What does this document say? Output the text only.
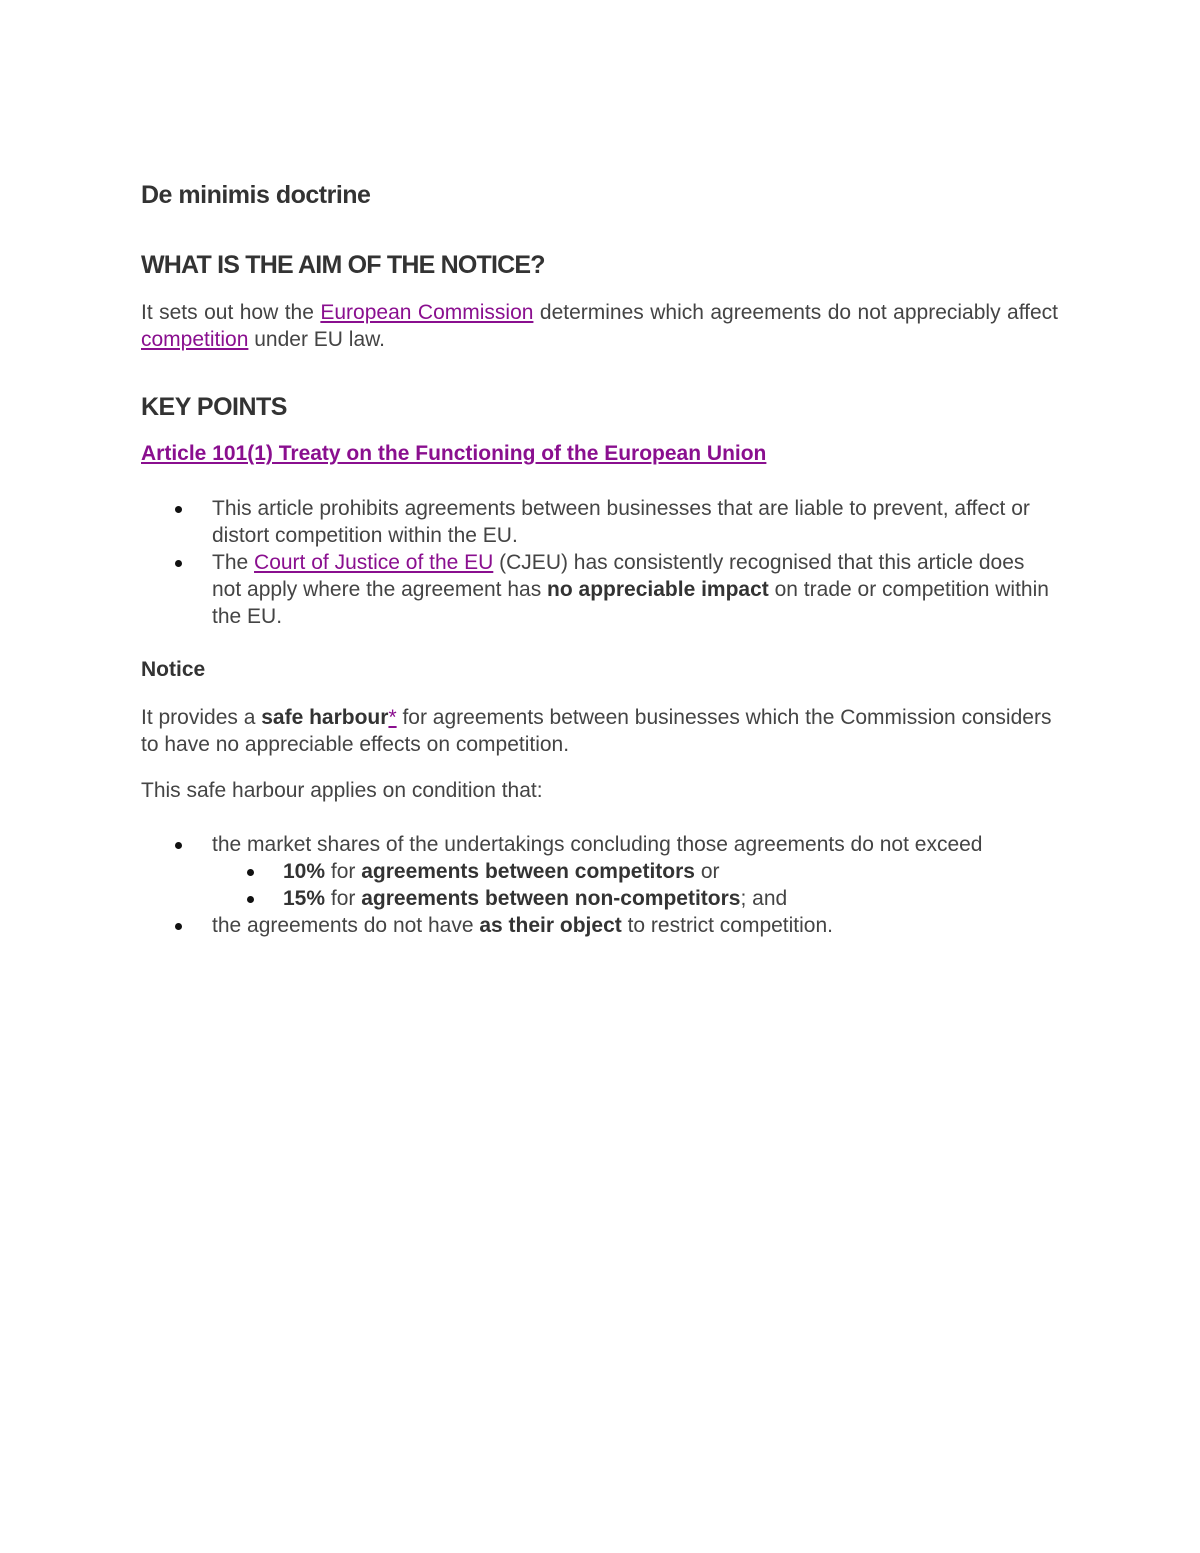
De minimis doctrine
WHAT IS THE AIM OF THE NOTICE?

It sets out how the European Commission determines which agreements do not appreciably affect competition under EU law.

KEY POINTS
Article 101(1) Treaty on the Functioning of the European Union
This article prohibits agreements between businesses that are liable to prevent, affect or distort competition within the EU.
The Court of Justice of the EU (CJEU) has consistently recognised that this article does not apply where the agreement has no appreciable impact on trade or competition within the EU.
Notice

It provides a safe harbour* for agreements between businesses which the Commission considers to have no appreciable effects on competition.

This safe harbour applies on condition that:

the market shares of the undertakings concluding those agreements do not exceed
10% for agreements between competitors or
15% for agreements between non-competitors; and
the agreements do not have as their object to restrict competition.
